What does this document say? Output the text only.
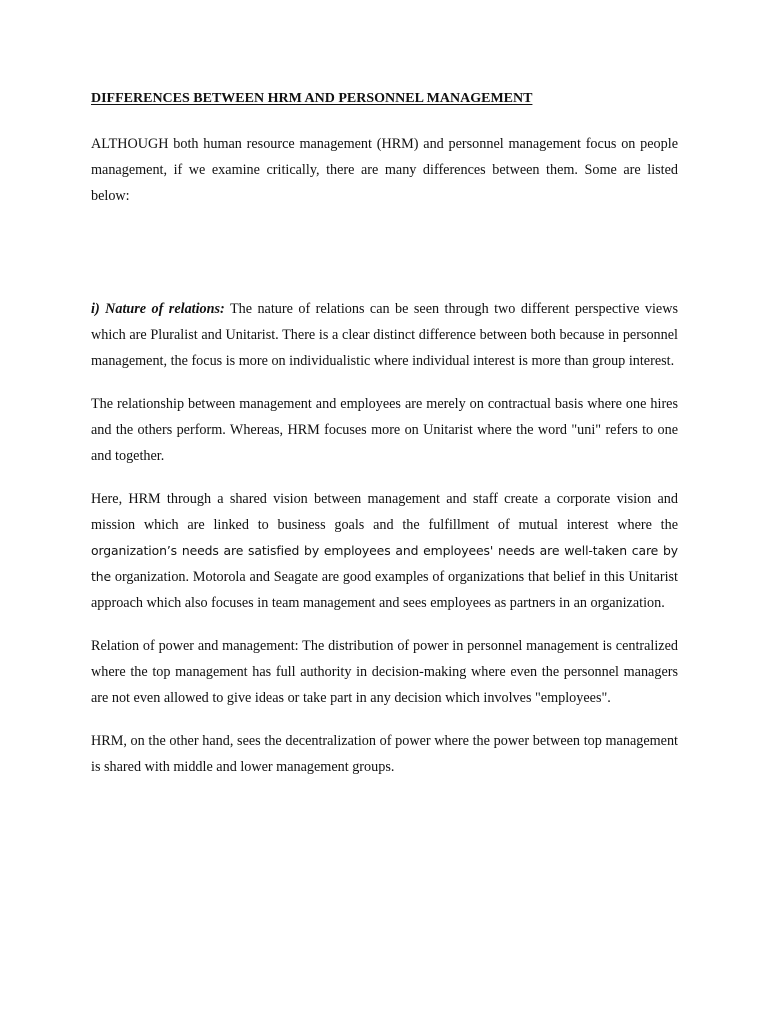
DIFFERENCES BETWEEN HRM AND PERSONNEL MANAGEMENT

ALTHOUGH both human resource management (HRM) and personnel management focus on people management, if we examine critically, there are many differences between them. Some are listed below:

i) Nature of relations: The nature of relations can be seen through two different perspective views which are Pluralist and Unitarist. There is a clear distinct difference between both because in personnel management, the focus is more on individualistic where individual interest is more than group interest.

The relationship between management and employees are merely on contractual basis where one hires and the others perform. Whereas, HRM focuses more on Unitarist where the word "uni" refers to one and together.

Here, HRM through a shared vision between management and staff create a corporate vision and mission which are linked to business goals and the fulfillment of mutual interest where the organization’s needs are satisfied by employees and employees' needs are well-taken care by the organization. Motorola and Seagate are good examples of organizations that belief in this Unitarist approach which also focuses in team management and sees employees as partners in an organization.

Relation of power and management: The distribution of power in personnel management is centralized where the top management has full authority in decision-making where even the personnel managers are not even allowed to give ideas or take part in any decision which involves "employees".

HRM, on the other hand, sees the decentralization of power where the power between top management is shared with middle and lower management groups.
